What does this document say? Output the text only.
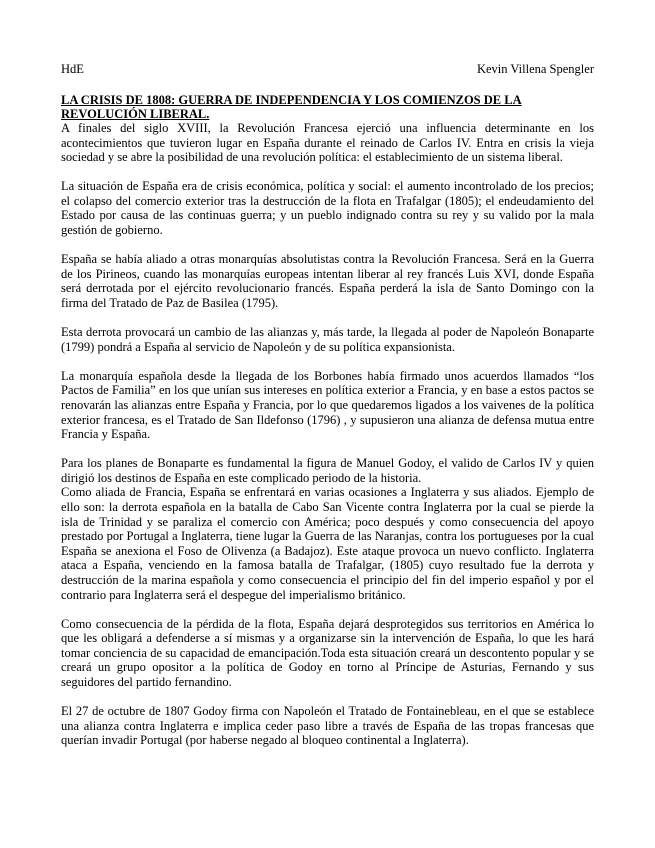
HdE	Kevin Villena Spengler
LA CRISIS DE 1808: GUERRA DE INDEPENDENCIA Y LOS COMIENZOS DE LA REVOLUCIÓN LIBERAL.

A finales del siglo XVIII, la Revolución Francesa ejerció una influencia determinante en los acontecimientos que tuvieron lugar en España durante el reinado de Carlos IV. Entra en crisis la vieja sociedad y se abre la posibilidad de una revolución política: el establecimiento de un sistema liberal.

La situación de España era de crisis económica, política y social: el aumento incontrolado de los precios; el colapso del comercio exterior tras la destrucción de la flota en Trafalgar (1805); el endeudamiento del Estado por causa de las continuas guerra; y un pueblo indignado contra su rey y su valido por la mala gestión de gobierno.

España se había aliado a otras monarquías absolutistas contra la Revolución Francesa. Será en la Guerra de los Pirineos, cuando las monarquías europeas intentan liberar al rey francés Luis XVI, donde España será derrotada por el ejército revolucionario francés. España perderá la isla de Santo Domingo con la firma del Tratado de Paz de Basilea (1795).

Esta derrota provocará un cambio de las alianzas y, más tarde, la llegada al poder de Napoleón Bonaparte (1799) pondrá a España al servicio de Napoleón y de su política expansionista.

La monarquía española desde la llegada de los Borbones había firmado unos acuerdos llamados “los Pactos de Familia” en los que unían sus intereses en política exterior a Francia, y en base a estos pactos se renovarán las alianzas entre España y Francia, por lo que quedaremos ligados a los vaivenes de la política exterior francesa, es el Tratado de San Ildefonso (1796) , y supusieron una alianza de defensa mutua entre Francia y España.

Para los planes de Bonaparte es fundamental la figura de Manuel Godoy, el valido de Carlos IV y quien dirigió los destinos de España en este complicado periodo de la historia.

Como aliada de Francia, España se enfrentará en varias ocasiones a Inglaterra y sus aliados. Ejemplo de ello son: la derrota española en la batalla de Cabo San Vicente contra Inglaterra por la cual se pierde la isla de Trinidad y se paraliza el comercio con América; poco después y como consecuencia del apoyo prestado por Portugal a Inglaterra, tiene lugar la Guerra de las Naranjas, contra los portugueses por la cual España se anexiona el Foso de Olivenza (a Badajoz). Este ataque provoca un nuevo conflicto. Inglaterra ataca a España, venciendo en la famosa batalla de Trafalgar, (1805) cuyo resultado fue la derrota y destrucción de la marina española y como consecuencia el principio del fin del imperio español y por el contrario para Inglaterra será el despegue del imperialismo británico.

Como consecuencia de la pérdida de la flota, España dejará desprotegidos sus territorios en América lo que les obligará a defenderse a sí mismas y a organizarse sin la intervención de España, lo que les hará tomar conciencia de su capacidad de emancipación.Toda esta situación creará un descontento popular y se creará un grupo opositor a la política de Godoy en torno al Príncipe de Asturias, Fernando y sus seguidores del partido fernandino.

El 27 de octubre de 1807 Godoy firma con Napoleón el Tratado de Fontainebleau, en el que se establece una alianza contra Inglaterra e implica ceder paso libre a través de España de las tropas francesas que querían invadir Portugal (por haberse negado al bloqueo continental a Inglaterra).
